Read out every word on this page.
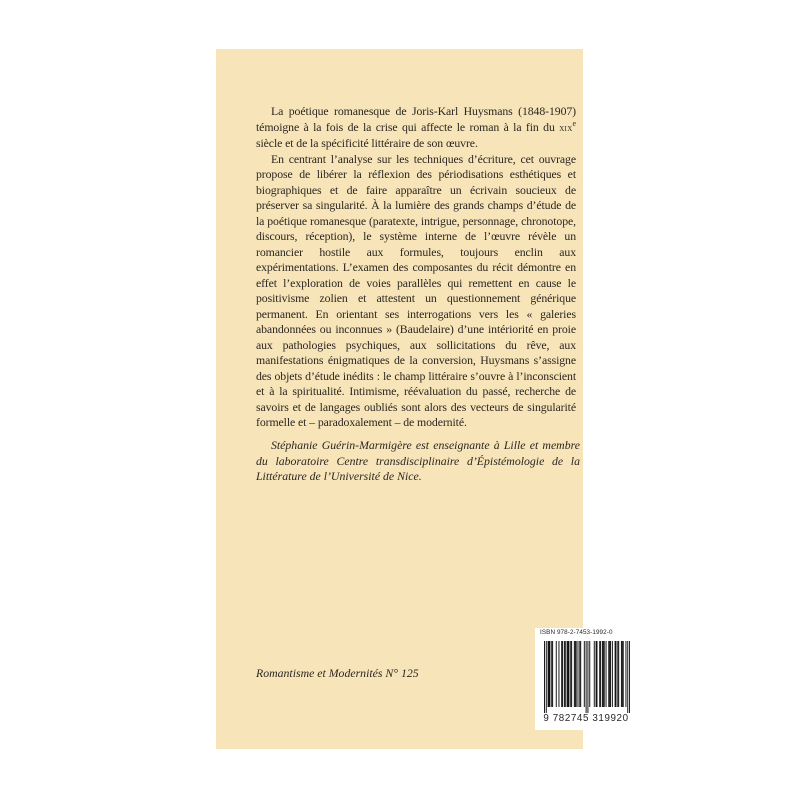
La poétique romanesque de Joris-Karl Huysmans (1848-1907) témoigne à la fois de la crise qui affecte le roman à la fin du xix$^e$ siècle et de la spécificité littéraire de son œuvre.

En centrant l’analyse sur les techniques d’écriture, cet ouvrage propose de libérer la réflexion des périodisations esthétiques et biographiques et de faire apparaître un écrivain soucieux de préserver sa singularité. À la lumière des grands champs d’étude de la poétique romanesque (paratexte, intrigue, personnage, chronotope, discours, réception), le système interne de l’œuvre révèle un romancier hostile aux formules, toujours enclin aux expérimentations. L’examen des composantes du récit démontre en effet l’exploration de voies parallèles qui remettent en cause le positivisme zolien et attestent un questionnement générique permanent. En orientant ses interrogations vers les « galeries abandonnées ou inconnues » (Baudelaire) d’une intériorité en proie aux pathologies psychiques, aux sollicitations du rêve, aux manifestations énigmatiques de la conversion, Huysmans s’assigne des objets d’étude inédits : le champ littéraire s’ouvre à l’inconscient et à la spiritualité. Intimisme, réévaluation du passé, recherche de savoirs et de langages oubliés sont alors des vecteurs de singularité formelle et – paradoxalement – de modernité.

Stéphanie Guérin-Marmigère est enseignante à Lille et membre du laboratoire Centre transdisciplinaire d’Épistémologie de la Littérature de l’Université de Nice.
Romantisme et Modernités N° 125
ISBN 978-2-7453-1992-0
9 782745 319920
